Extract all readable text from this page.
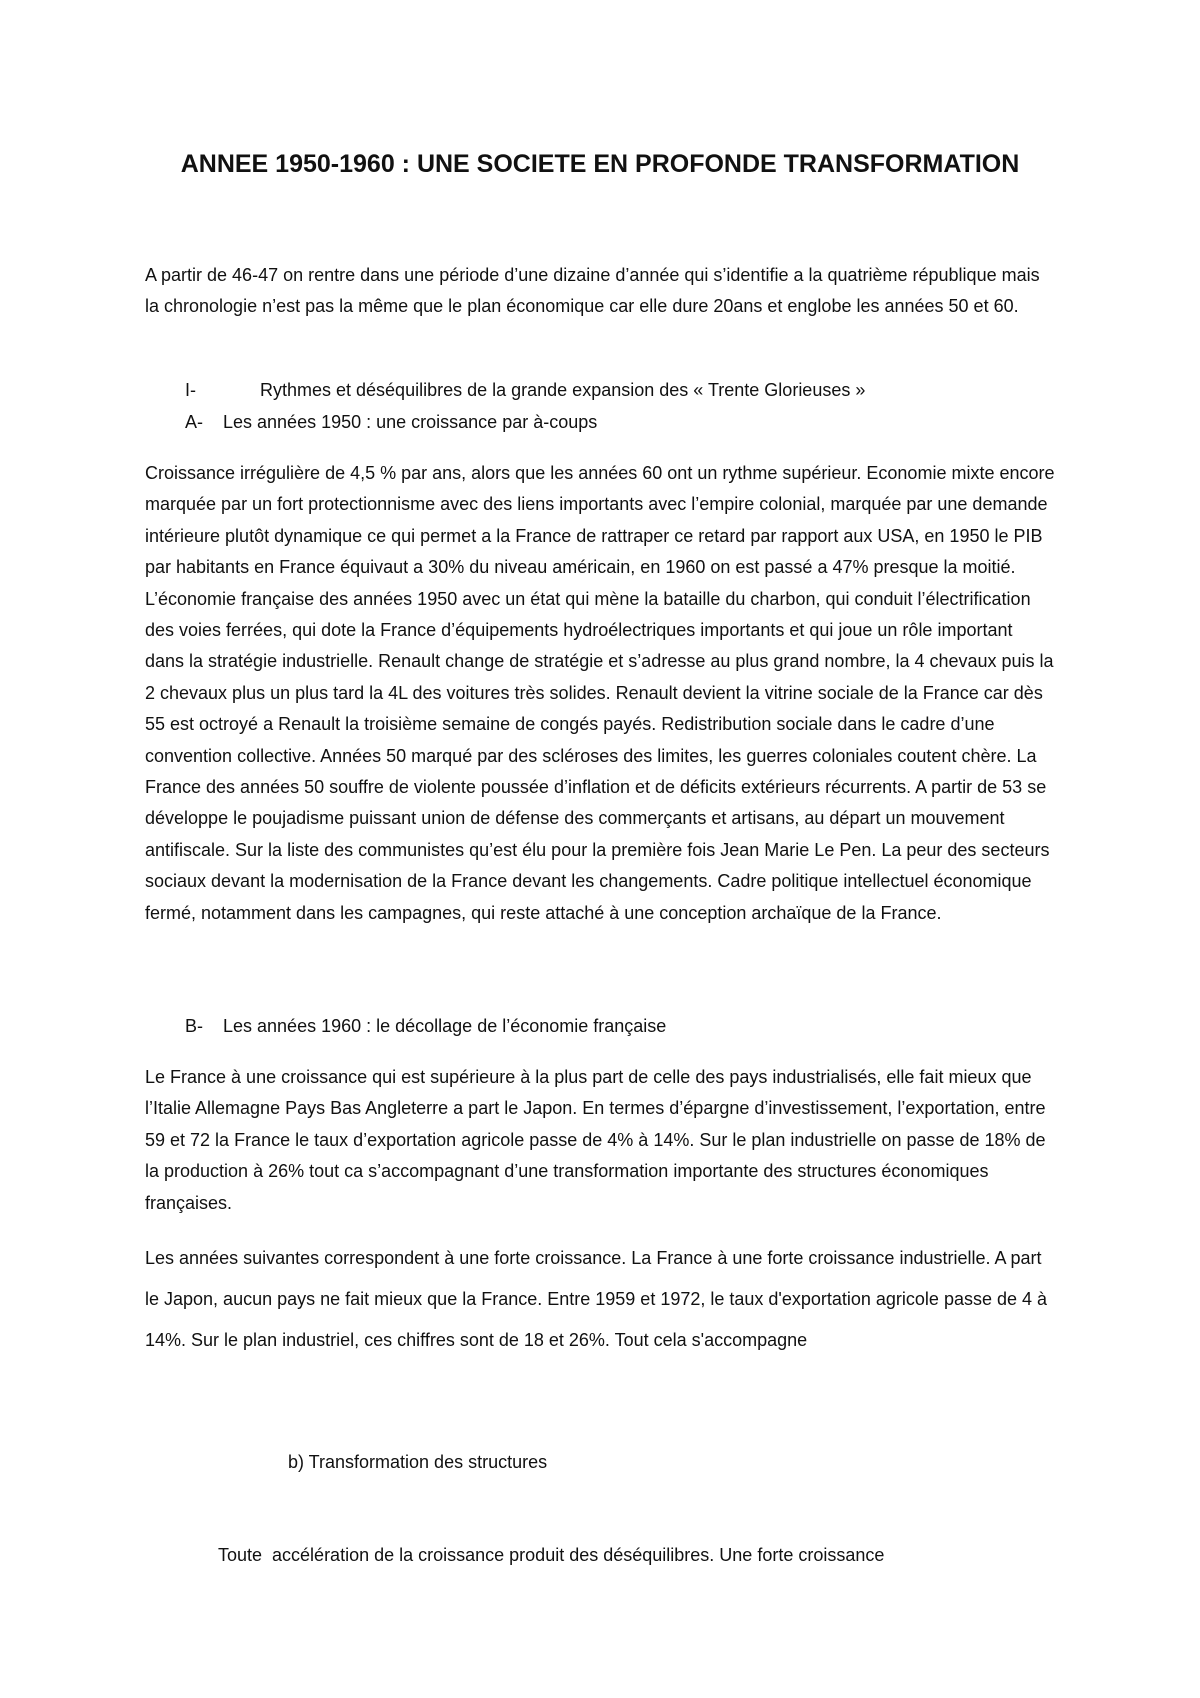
ANNEE 1950-1960 : UNE SOCIETE EN PROFONDE TRANSFORMATION

A partir de 46-47 on rentre dans une période d’une dizaine d’année qui s’identifie a la quatrième république mais la chronologie n’est pas la même que le plan économique car elle dure 20ans et englobe les années 50 et 60.

I-	Rythmes et déséquilibres de la grande expansion des « Trente Glorieuses »
A- Les années 1950 : une croissance par à-coups

Croissance irrégulière de 4,5 % par ans, alors que les années 60 ont un rythme supérieur. Economie mixte encore marquée par un fort protectionnisme avec des liens importants avec l’empire colonial, marquée par une demande intérieure plutôt dynamique ce qui permet a la France de rattraper ce retard par rapport aux USA, en 1950 le PIB par habitants en France équivaut a 30% du niveau américain, en 1960 on est passé a 47% presque la moitié. L’économie française des années 1950 avec un état qui mène la bataille du charbon, qui conduit l’électrification des voies ferrées, qui dote la France d’équipements hydroélectriques importants et qui joue un rôle important dans la stratégie industrielle. Renault change de stratégie et s’adresse au plus grand nombre, la 4 chevaux puis la 2 chevaux plus un plus tard la 4L des voitures très solides. Renault devient la vitrine sociale de la France car dès 55 est octroyé a Renault la troisième semaine de congés payés. Redistribution sociale dans le cadre d’une convention collective. Années 50 marqué par des scléroses des limites, les guerres coloniales coutent chère. La France des années 50 souffre de violente poussée d’inflation et de déficits extérieurs récurrents. A partir de 53 se développe le poujadisme puissant union de défense des commerçants et artisans, au départ un mouvement antifiscale. Sur la liste des communistes qu’est élu pour la première fois Jean Marie Le Pen. La peur des secteurs sociaux devant la modernisation de la France devant les changements. Cadre politique intellectuel économique fermé, notamment dans les campagnes, qui reste attaché à une conception archaïque de la France.

B- Les années 1960 : le décollage de l’économie française

Le France à une croissance qui est supérieure à la plus part de celle des pays industrialisés, elle fait mieux que l’Italie Allemagne Pays Bas Angleterre a part le Japon. En termes d’épargne d’investissement, l’exportation, entre 59 et 72 la France le taux d’exportation agricole passe de 4% à 14%. Sur le plan industrielle on passe de 18% de la production à 26% tout ca s’accompagnant d’une transformation importante des structures économiques françaises.

Les années suivantes correspondent à une forte croissance. La France à une forte croissance industrielle. A part le Japon, aucun pays ne fait mieux que la France. Entre 1959 et 1972, le taux d'exportation agricole passe de 4 à 14%. Sur le plan industriel, ces chiffres sont de 18 et 26%. Tout cela s'accompagne

b) Transformation des structures
Toute  accélération de la croissance produit des déséquilibres. Une forte croissance
